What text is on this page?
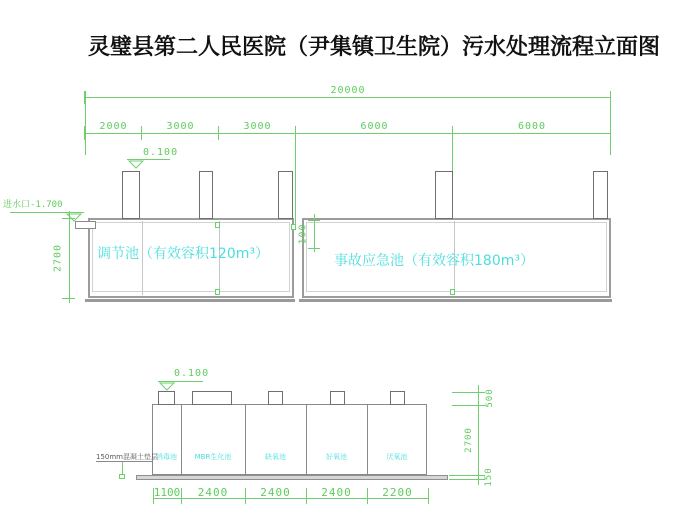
灵璧县第二人民医院（尹集镇卫生院）污水处理流程立面图
20000
2000	3000	3000	6000	6000
0.100
进水口-1.700
2700
100
调节池（有效容积120m³）	事故应急池（有效容积180m³）
0.100
消毒池	MBR生化池	缺氧池	好氧池	厌氧池
150mm混凝土垫层
1100	2400	2400	2400	2200
500
2700
150
